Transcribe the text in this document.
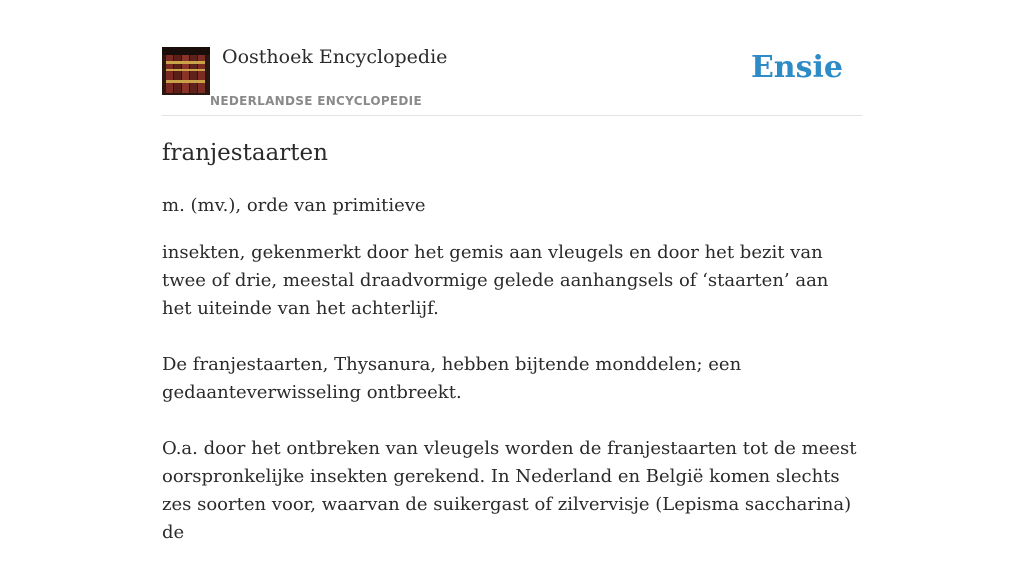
Oosthoek Encyclopedie
NEDERLANDSE ENCYCLOPEDIE
Ensie
franjestaarten
m. (mv.), orde van primitieve

insekten, gekenmerkt door het gemis aan vleugels en door het bezit van twee of drie, meestal draadvormige gelede aanhangsels of ‘staarten’ aan het uiteinde van het achterlijf.

De franjestaarten, Thysanura, hebben bijtende monddelen; een gedaanteverwisseling ontbreekt.

O.a. door het ontbreken van vleugels worden de franjestaarten tot de meest oorspronkelijke insekten gerekend. In Nederland en België komen slechts zes soorten voor, waarvan de suikergast of zilvervisje (Lepisma saccharina) de
